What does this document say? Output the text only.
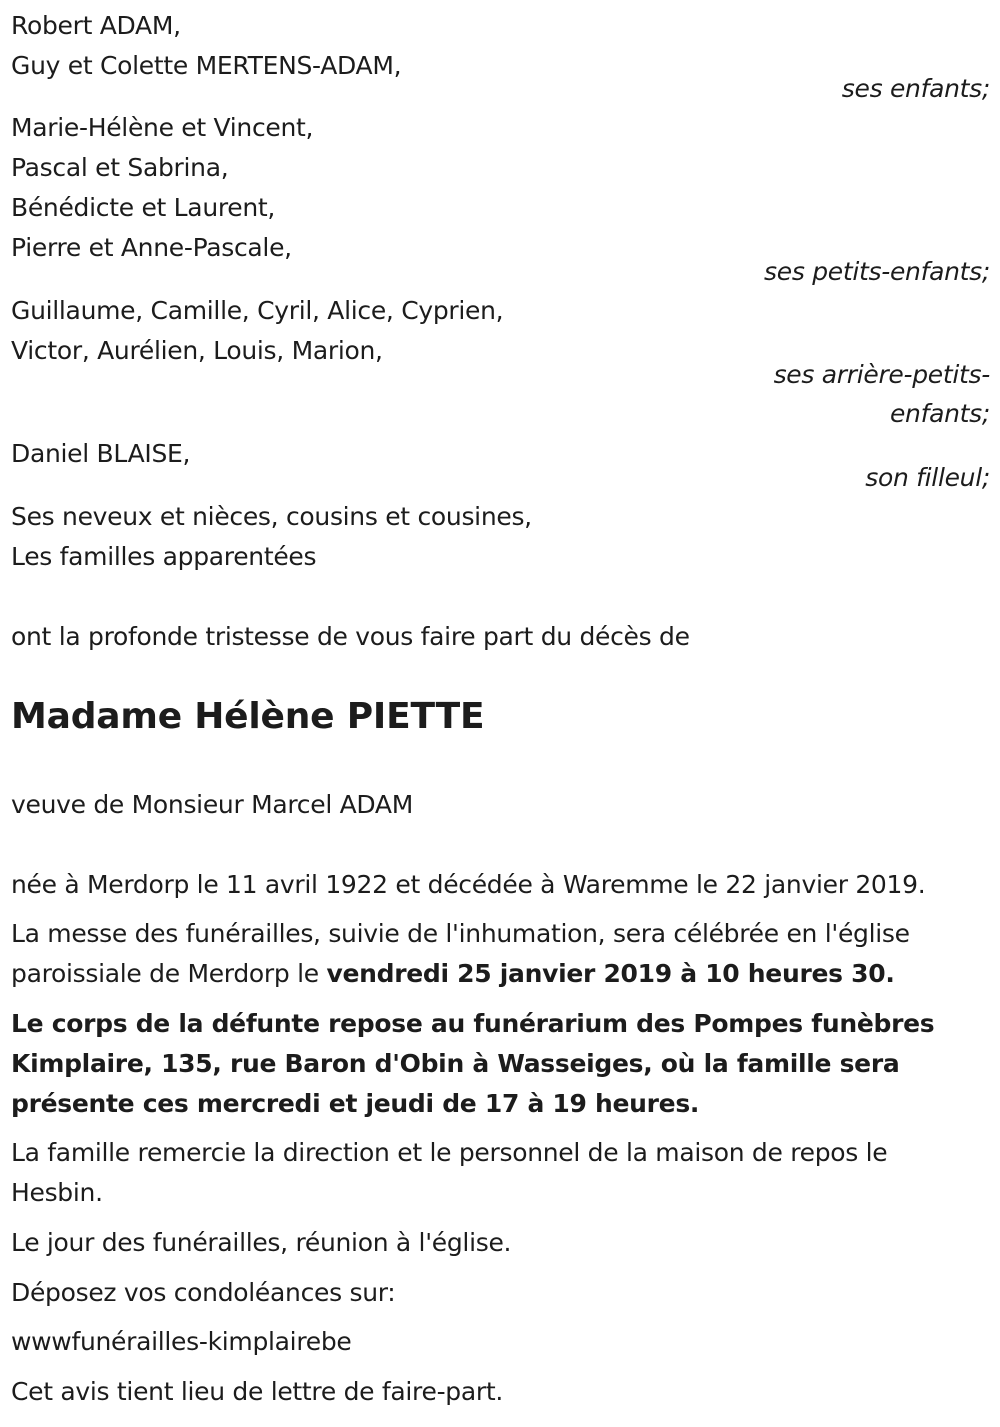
Robert ADAM,
Guy et Colette MERTENS-ADAM,
ses enfants;
Marie-Hélène et Vincent,
Pascal et Sabrina,
Bénédicte et Laurent,
Pierre et Anne-Pascale,
ses petits-enfants;
Guillaume, Camille, Cyril, Alice, Cyprien,
Victor, Aurélien, Louis, Marion,
ses arrière-petits-
enfants;
Daniel BLAISE,
son filleul;
Ses neveux et nièces, cousins et cousines,
Les familles apparentées
ont la profonde tristesse de vous faire part du décès de
Madame Hélène PIETTE
veuve de Monsieur Marcel ADAM
née à Merdorp le 11 avril 1922 et décédée à Waremme le 22 janvier 2019.
La messe des funérailles, suivie de l'inhumation, sera célébrée en l'église
paroissiale de Merdorp le vendredi 25 janvier 2019 à 10 heures 30.
Le corps de la défunte repose au funérarium des Pompes funèbres
Kimplaire, 135, rue Baron d'Obin à Wasseiges, où la famille sera
présente ces mercredi et jeudi de 17 à 19 heures.
La famille remercie la direction et le personnel de la maison de repos le
Hesbin.
Le jour des funérailles, réunion à l'église.
Déposez vos condoléances sur:
wwwfunérailles-kimplairebe
Cet avis tient lieu de lettre de faire-part.
